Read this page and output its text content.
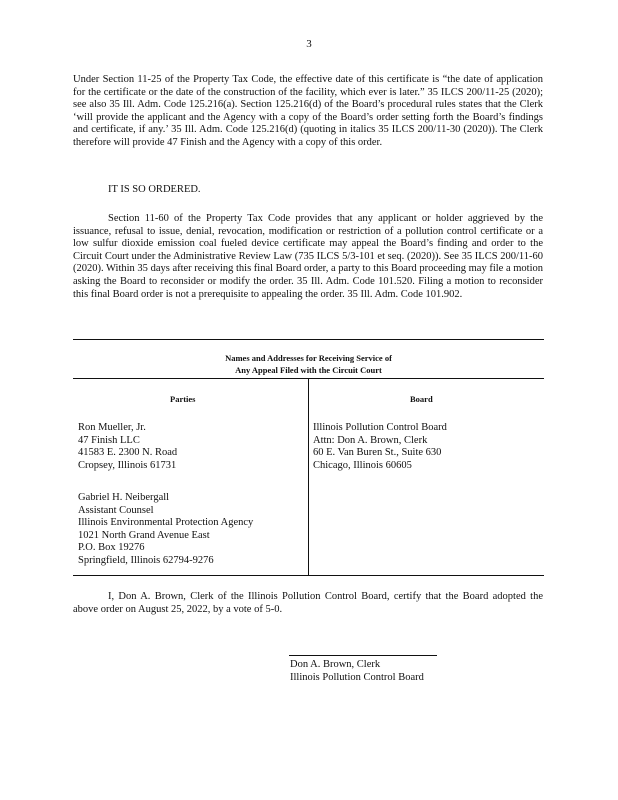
3

Under Section 11-25 of the Property Tax Code, the effective date of this certificate is “the date of application for the certificate or the date of the construction of the facility, which ever is later.” 35 ILCS 200/11-25 (2020); see also 35 Ill. Adm. Code 125.216(a). Section 125.216(d) of the Board’s procedural rules states that the Clerk ‘will provide the applicant and the Agency with a copy of the Board’s order setting forth the Board’s findings and certificate, if any.’ 35 Ill. Adm. Code 125.216(d) (quoting in italics 35 ILCS 200/11-30 (2020)). The Clerk therefore will provide 47 Finish and the Agency with a copy of this order.

IT IS SO ORDERED.

Section 11-60 of the Property Tax Code provides that any applicant or holder aggrieved by the issuance, refusal to issue, denial, revocation, modification or restriction of a pollution control certificate or a low sulfur dioxide emission coal fueled device certificate may appeal the Board’s finding and order to the Circuit Court under the Administrative Review Law (735 ILCS 5/3-101 et seq. (2020)). See 35 ILCS 200/11-60 (2020). Within 35 days after receiving this final Board order, a party to this Board proceeding may file a motion asking the Board to reconsider or modify the order. 35 Ill. Adm. Code 101.520. Filing a motion to reconsider this final Board order is not a prerequisite to appealing the order. 35 Ill. Adm. Code 101.902.

Names and Addresses for Receiving Service of
Any Appeal Filed with the Circuit Court
Parties	Board
Ron Mueller, Jr.
47 Finish LLC
41583 E. 2300 N. Road
Cropsey, Illinois 61731
Gabriel H. Neibergall
Assistant Counsel
Illinois Environmental Protection Agency
1021 North Grand Avenue East
P.O. Box 19276
Springfield, Illinois 62794-9276
Illinois Pollution Control Board
Attn: Don A. Brown, Clerk
60 E. Van Buren St., Suite 630
Chicago, Illinois 60605

I, Don A. Brown, Clerk of the Illinois Pollution Control Board, certify that the Board adopted the above order on August 25, 2022, by a vote of 5-0.

Don A. Brown, Clerk
Illinois Pollution Control Board
